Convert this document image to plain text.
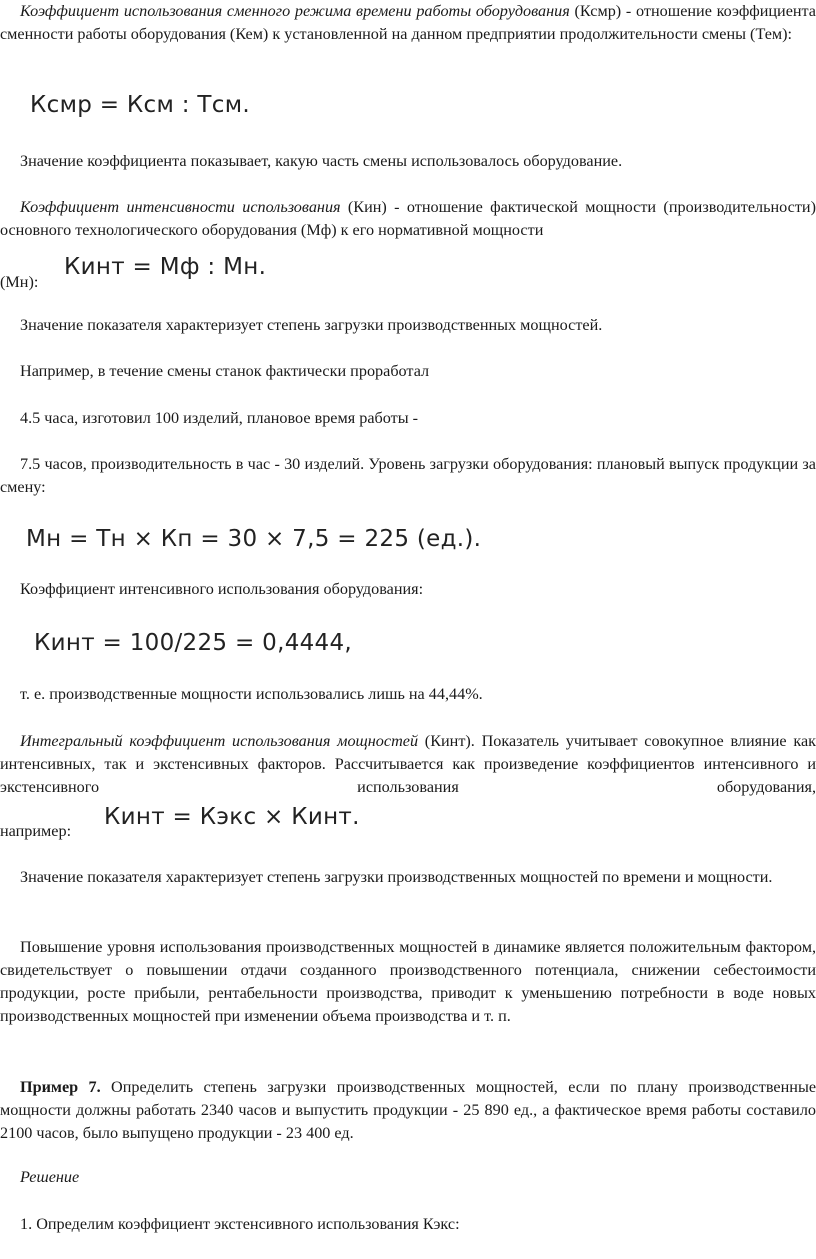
Коэффициент использования сменного режима времени работы оборудования (Ксмр) - отношение коэффициента сменности работы оборудования (Кем) к установленной на данном предприятии продолжительности смены (Тем):

Ксмр = Ксм : Тсм.

Значение коэффициента показывает, какую часть смены использовалось оборудование.

Коэффициент интенсивности использования (Кин) - отношение фактической мощности (производительности) основного технологического оборудования (Мф) к его нормативной мощности

(Мн):

Кинт = Мф : Мн.

Значение показателя характеризует степень загрузки производственных мощностей.

Например, в течение смены станок фактически проработал

4.5 часа, изготовил 100 изделий, плановое время работы -

7.5 часов, производительность в час - 30 изделий. Уровень загрузки оборудования: плановый выпуск продукции за смену:

Мн = Тн × Кп = 30 × 7,5 = 225 (ед.).

Коэффициент интенсивного использования оборудования:

Кинт = 100/225 = 0,4444,

т. е. производственные мощности использовались лишь на 44,44%.

Интегральный коэффициент использования мощностей (Кинт). Показатель учитывает совокупное влияние как интенсивных, так и экстенсивных факторов. Рассчитывается как произведение коэффициентов интенсивного и экстенсивного использования оборудования,

например:

Кинт = Кэкс × Кинт.

Значение показателя характеризует степень загрузки производственных мощностей по времени и мощности.

Повышение уровня использования производственных мощностей в динамике является положительным фактором, свидетельствует о повышении отдачи созданного производственного потенциала, снижении себестоимости продукции, росте прибыли, рентабельности производства, приводит к уменьшению потребности в воде новых производственных мощностей при изменении объема производства и т. п.

Пример 7. Определить степень загрузки производственных мощностей, если по плану производственные мощности должны работать 2340 часов и выпустить продукции - 25 890 ед., а фактическое время работы составило 2100 часов, было выпущено продукции - 23 400 ед.

Решение

1. Определим коэффициент экстенсивного использования Кэкс:
